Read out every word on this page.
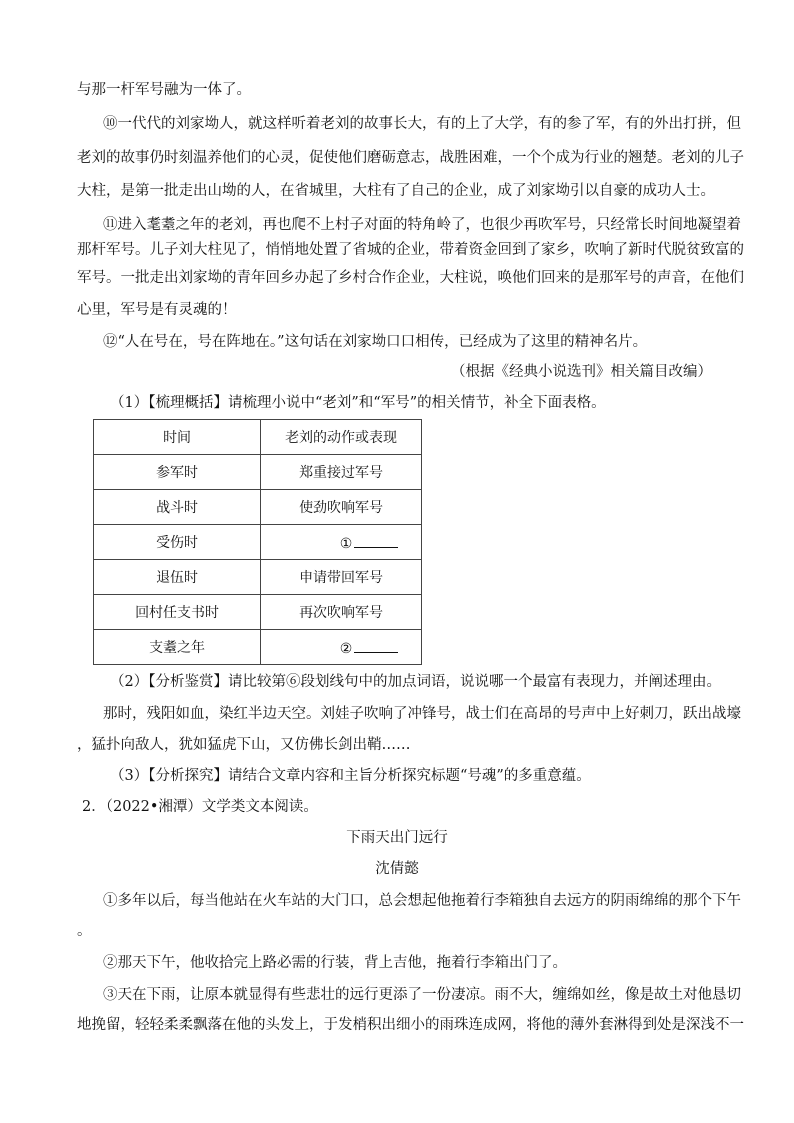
与那一杆军号融为一体了。
⑩一代代的刘家坳人，就这样听着老刘的故事长大，有的上了大学，有的参了军，有的外出打拼，但
老刘的故事仍时刻温养他们的心灵，促使他们磨砺意志，战胜困难，一个个成为行业的翘楚。老刘的儿子
大柱，是第一批走出山坳的人，在省城里，大柱有了自己的企业，成了刘家坳引以自豪的成功人士。
⑪进入耄耋之年的老刘，再也爬不上村子对面的特角岭了，也很少再吹军号，只经常长时间地凝望着
那杆军号。儿子刘大柱见了，悄悄地处置了省城的企业，带着资金回到了家乡，吹响了新时代脱贫致富的
军号。一批走出刘家坳的青年回乡办起了乡村合作企业，大柱说，唤他们回来的是那军号的声音，在他们
心里，军号是有灵魂的！
⑫“人在号在，号在阵地在。”这句话在刘家坳口口相传，已经成为了这里的精神名片。
（根据《经典小说选刊》相关篇目改编）
（1）【梳理概括】请梳理小说中“老刘”和“军号”的相关情节，补全下面表格。
时间	老刘的动作或表现
参军时	郑重接过军号
战斗时	使劲吹响军号
受伤时	①
退伍时	申请带回军号
回村任支书时	再次吹响军号
支耋之年	②
（2）【分析鉴赏】请比较第⑥段划线句中的加点词语，说说哪一个最富有表现力，并阐述理由。
那时，残阳如血，染红半边天空。刘娃子吹响了冲锋号，战士们在高昂的号声中上好刺刀，跃出战壕
，猛扑向敌人，犹如猛虎下山，又仿佛长剑出鞘……
（3）【分析探究】请结合文章内容和主旨分析探究标题“号魂”的多重意蕴。
2．（2022•湘潭）文学类文本阅读。
下雨天出门远行
沈倩懿
①多年以后，每当他站在火车站的大门口，总会想起他拖着行李箱独自去远方的阴雨绵绵的那个下午
。
②那天下午，他收拾完上路必需的行装，背上吉他，拖着行李箱出门了。
③天在下雨，让原本就显得有些悲壮的远行更添了一份凄凉。雨不大，缠绵如丝，像是故土对他恳切
地挽留，轻轻柔柔飘落在他的头发上，于发梢积出细小的雨珠连成网，将他的薄外套淋得到处是深浅不一
